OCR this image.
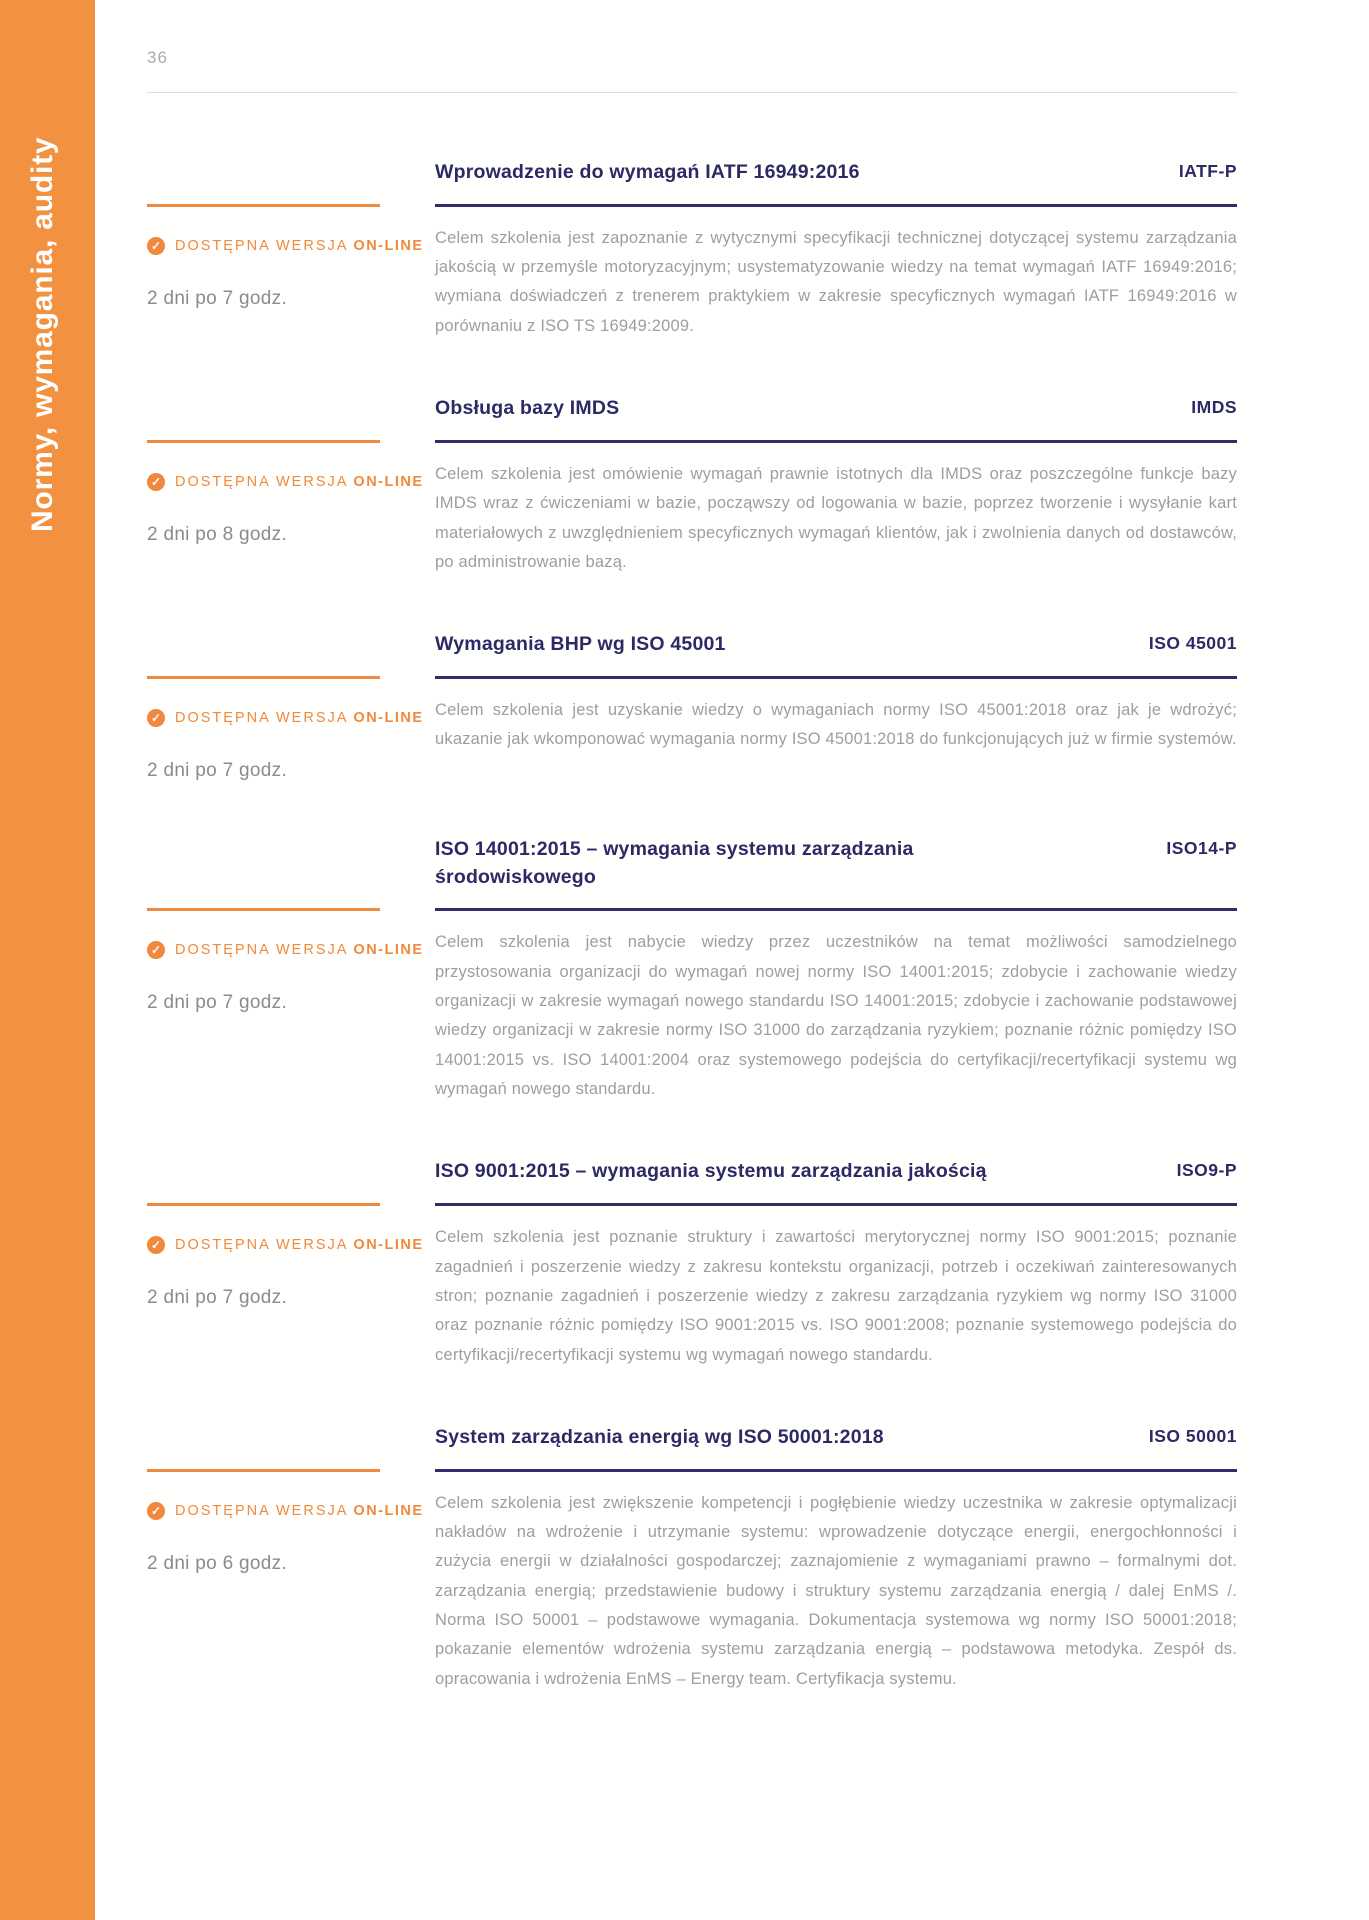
Normy, wymagania, audity
36
Wprowadzenie do wymagań IATF 16949:2016	IATF-P
✓ DOSTĘPNA WERSJA ON-LINE
2 dni po 7 godz.
Celem szkolenia jest zapoznanie z wytycznymi specyfikacji technicznej dotyczącej systemu zarządzania jakością w przemyśle motoryzacyjnym; usystematyzowanie wiedzy na temat wymagań IATF 16949:2016; wymiana doświadczeń z trenerem praktykiem w zakresie specyficznych wymagań IATF 16949:2016 w porównaniu z ISO TS 16949:2009.
Obsługa bazy IMDS	IMDS
✓ DOSTĘPNA WERSJA ON-LINE
2 dni po 8 godz.
Celem szkolenia jest omówienie wymagań prawnie istotnych dla IMDS oraz poszczególne funkcje bazy IMDS wraz z ćwiczeniami w bazie, począwszy od logowania w bazie, poprzez tworzenie i wysyłanie kart materiałowych z uwzględnieniem specyficznych wymagań klientów, jak i zwolnienia danych od dostawców, po administrowanie bazą.
Wymagania BHP wg ISO 45001	ISO 45001
✓ DOSTĘPNA WERSJA ON-LINE
2 dni po 7 godz.
Celem szkolenia jest uzyskanie wiedzy o wymaganiach normy ISO 45001:2018 oraz jak je wdrożyć; ukazanie jak wkomponować wymagania normy ISO 45001:2018 do funkcjonujących już w firmie systemów.
ISO 14001:2015 – wymagania systemu zarządzania środowiskowego
ISO14-P
✓ DOSTĘPNA WERSJA ON-LINE
2 dni po 7 godz.
Celem szkolenia jest nabycie wiedzy przez uczestników na temat możliwości samodzielnego przystosowania organizacji do wymagań nowej normy ISO 14001:2015; zdobycie i zachowanie wiedzy organizacji w zakresie wymagań nowego standardu ISO 14001:2015; zdobycie i zachowanie podstawowej wiedzy organizacji w zakresie normy ISO 31000 do zarządzania ryzykiem; poznanie różnic pomiędzy ISO 14001:2015 vs. ISO 14001:2004 oraz systemowego podejścia do certyfikacji/recertyfikacji systemu wg wymagań nowego standardu.
ISO 9001:2015 – wymagania systemu zarządzania jakością	ISO9-P
✓ DOSTĘPNA WERSJA ON-LINE
2 dni po 7 godz.
Celem szkolenia jest poznanie struktury i zawartości merytorycznej normy ISO 9001:2015; poznanie zagadnień i poszerzenie wiedzy z zakresu kontekstu organizacji, potrzeb i oczekiwań zainteresowanych stron; poznanie zagadnień i poszerzenie wiedzy z zakresu zarządzania ryzykiem wg normy ISO 31000 oraz poznanie różnic pomiędzy ISO 9001:2015 vs. ISO 9001:2008; poznanie systemowego podejścia do certyfikacji/recertyfikacji systemu wg wymagań nowego standardu.
System zarządzania energią wg ISO 50001:2018	ISO 50001
✓ DOSTĘPNA WERSJA ON-LINE
2 dni po 6 godz.
Celem szkolenia jest zwiększenie kompetencji i pogłębienie wiedzy uczestnika w zakresie optymalizacji nakładów na wdrożenie i utrzymanie systemu: wprowadzenie dotyczące energii, energochłonności i zużycia energii w działalności gospodarczej; zaznajomienie z wymaganiami prawno – formalnymi dot. zarządzania energią; przedstawienie budowy i struktury systemu zarządzania energią / dalej EnMS /. Norma ISO 50001 – podstawowe wymagania. Dokumentacja systemowa wg normy ISO 50001:2018; pokazanie elementów wdrożenia systemu zarządzania energią – podstawowa metodyka. Zespół ds. opracowania i wdrożenia EnMS – Energy team. Certyfikacja systemu.
